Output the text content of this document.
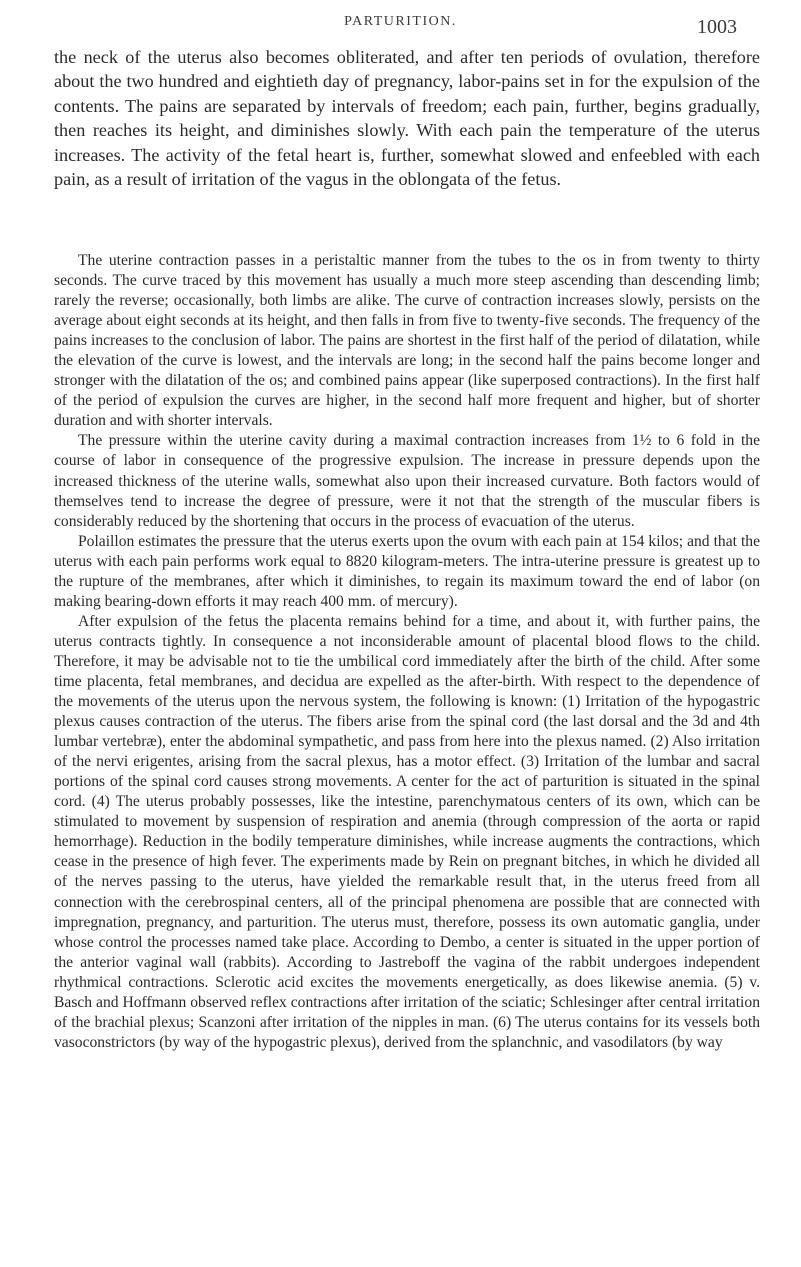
PARTURITION.	1003

the neck of the uterus also becomes obliterated, and after ten periods of ovulation, therefore about the two hundred and eightieth day of pregnancy, labor-pains set in for the expulsion of the contents. The pains are separated by intervals of freedom; each pain, further, begins gradually, then reaches its height, and diminishes slowly. With each pain the temperature of the uterus increases. The activity of the fetal heart is, further, somewhat slowed and enfeebled with each pain, as a result of irritation of the vagus in the oblongata of the fetus.

The uterine contraction passes in a peristaltic manner from the tubes to the os in from twenty to thirty seconds. The curve traced by this movement has usually a much more steep ascending than descending limb; rarely the reverse; occasionally, both limbs are alike. The curve of contraction increases slowly, persists on the average about eight seconds at its height, and then falls in from five to twenty-five seconds. The frequency of the pains increases to the conclusion of labor. The pains are shortest in the first half of the period of dilatation, while the elevation of the curve is lowest, and the intervals are long; in the second half the pains become longer and stronger with the dilatation of the os; and combined pains appear (like superposed contractions). In the first half of the period of expulsion the curves are higher, in the second half more frequent and higher, but of shorter duration and with shorter intervals.

The pressure within the uterine cavity during a maximal contraction increases from 1½ to 6 fold in the course of labor in consequence of the progressive expulsion. The increase in pressure depends upon the increased thickness of the uterine walls, somewhat also upon their increased curvature. Both factors would of themselves tend to increase the degree of pressure, were it not that the strength of the muscular fibers is considerably reduced by the shortening that occurs in the process of evacuation of the uterus.

Polaillon estimates the pressure that the uterus exerts upon the ovum with each pain at 154 kilos; and that the uterus with each pain performs work equal to 8820 kilogram-meters. The intra-uterine pressure is greatest up to the rupture of the membranes, after which it diminishes, to regain its maximum toward the end of labor (on making bearing-down efforts it may reach 400 mm. of mercury).

After expulsion of the fetus the placenta remains behind for a time, and about it, with further pains, the uterus contracts tightly. In consequence a not inconsiderable amount of placental blood flows to the child. Therefore, it may be advisable not to tie the umbilical cord immediately after the birth of the child. After some time placenta, fetal membranes, and decidua are expelled as the after-birth. With respect to the dependence of the movements of the uterus upon the nervous system, the following is known: (1) Irritation of the hypogastric plexus causes contraction of the uterus. The fibers arise from the spinal cord (the last dorsal and the 3d and 4th lumbar vertebræ), enter the abdominal sympathetic, and pass from here into the plexus named. (2) Also irritation of the nervi erigentes, arising from the sacral plexus, has a motor effect. (3) Irritation of the lumbar and sacral portions of the spinal cord causes strong movements. A center for the act of parturition is situated in the spinal cord. (4) The uterus probably possesses, like the intestine, parenchymatous centers of its own, which can be stimulated to movement by suspension of respiration and anemia (through compression of the aorta or rapid hemorrhage). Reduction in the bodily temperature diminishes, while increase augments the contractions, which cease in the presence of high fever. The experiments made by Rein on pregnant bitches, in which he divided all of the nerves passing to the uterus, have yielded the remarkable result that, in the uterus freed from all connection with the cerebrospinal centers, all of the principal phenomena are possible that are connected with impregnation, pregnancy, and parturition. The uterus must, therefore, possess its own automatic ganglia, under whose control the processes named take place. According to Dembo, a center is situated in the upper portion of the anterior vaginal wall (rabbits). According to Jastreboff the vagina of the rabbit undergoes independent rhythmical contractions. Sclerotic acid excites the movements energetically, as does likewise anemia. (5) v. Basch and Hoffmann observed reflex contractions after irritation of the sciatic; Schlesinger after central irritation of the brachial plexus; Scanzoni after irritation of the nipples in man. (6) The uterus contains for its vessels both vasoconstrictors (by way of the hypogastric plexus), derived from the splanchnic, and vasodilators (by way
